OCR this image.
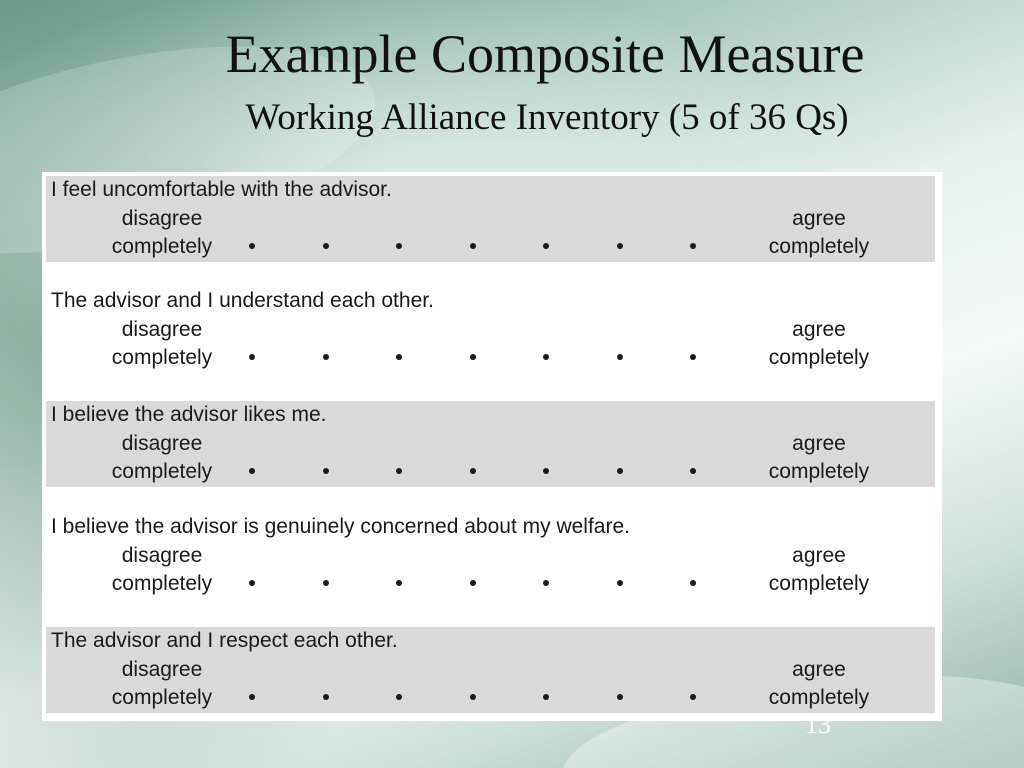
Example Composite Measure
Working Alliance Inventory (5 of 36 Qs)
I feel uncomfortable with the advisor.
disagree
completely
agree
completely
The advisor and I understand each other.
disagree
completely
agree
completely
I believe the advisor likes me.
disagree
completely
agree
completely
I believe the advisor is genuinely concerned about my welfare.
disagree
completely
agree
completely
The advisor and I respect each other.
disagree
completely
agree
completely
13
